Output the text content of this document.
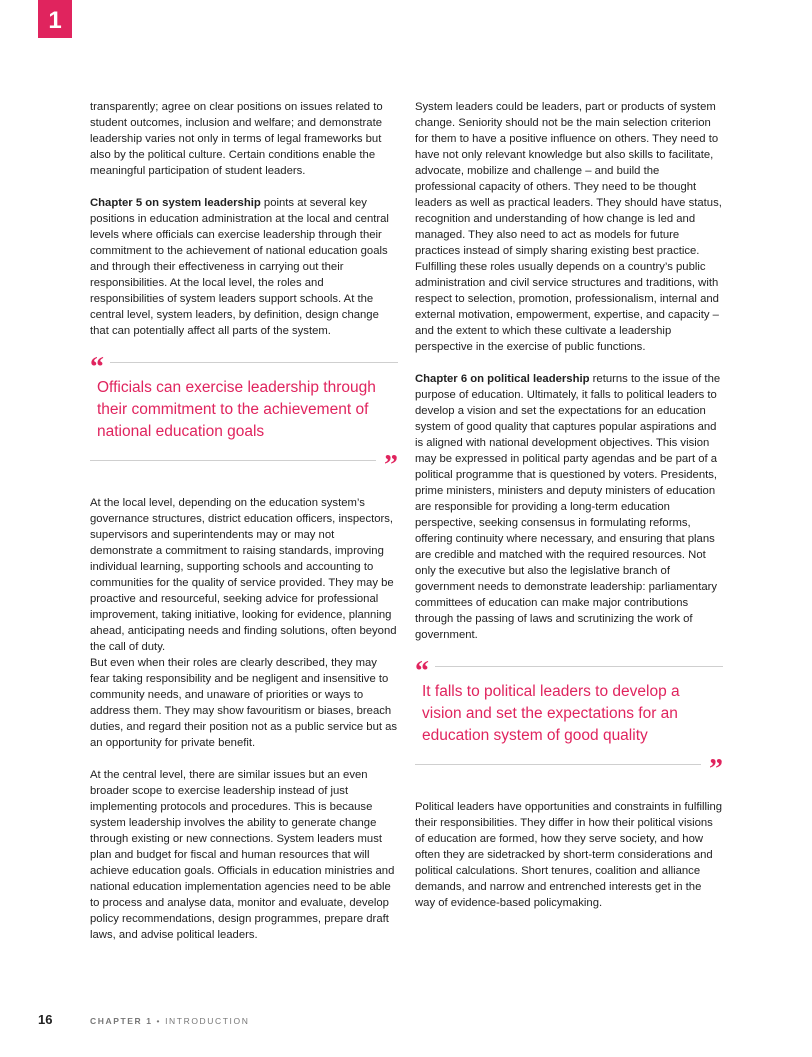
1

transparently; agree on clear positions on issues related to student outcomes, inclusion and welfare; and demonstrate leadership varies not only in terms of legal frameworks but also by the political culture. Certain conditions enable the meaningful participation of student leaders.

Chapter 5 on system leadership points at several key positions in education administration at the local and central levels where officials can exercise leadership through their commitment to the achievement of national education goals and through their effectiveness in carrying out their responsibilities. At the local level, the roles and responsibilities of system leaders support schools. At the central level, system leaders, by definition, design change that can potentially affect all parts of the system.

“
Officials can exercise leadership through their commitment to the achievement of national education goals
”

At the local level, depending on the education system’s governance structures, district education officers, inspectors, supervisors and superintendents may or may not demonstrate a commitment to raising standards, improving individual learning, supporting schools and accounting to communities for the quality of service provided. They may be proactive and resourceful, seeking advice for professional improvement, taking initiative, looking for evidence, planning ahead, anticipating needs and finding solutions, often beyond the call of duty.

But even when their roles are clearly described, they may fear taking responsibility and be negligent and insensitive to community needs, and unaware of priorities or ways to address them. They may show favouritism or biases, breach duties, and regard their position not as a public service but as an opportunity for private benefit.

At the central level, there are similar issues but an even broader scope to exercise leadership instead of just implementing protocols and procedures. This is because system leadership involves the ability to generate change through existing or new connections. System leaders must plan and budget for fiscal and human resources that will achieve education goals. Officials in education ministries and national education implementation agencies need to be able to process and analyse data, monitor and evaluate, develop policy recommendations, design programmes, prepare draft laws, and advise political leaders.

System leaders could be leaders, part or products of system change. Seniority should not be the main selection criterion for them to have a positive influence on others. They need to have not only relevant knowledge but also skills to facilitate, advocate, mobilize and challenge – and build the professional capacity of others. They need to be thought leaders as well as practical leaders. They should have status, recognition and understanding of how change is led and managed. They also need to act as models for future practices instead of simply sharing existing best practice. Fulfilling these roles usually depends on a country’s public administration and civil service structures and traditions, with respect to selection, promotion, professionalism, internal and external motivation, empowerment, expertise, and capacity – and the extent to which these cultivate a leadership perspective in the exercise of public functions.

Chapter 6 on political leadership returns to the issue of the purpose of education. Ultimately, it falls to political leaders to develop a vision and set the expectations for an education system of good quality that captures popular aspirations and is aligned with national development objectives. This vision may be expressed in political party agendas and be part of a political programme that is questioned by voters. Presidents, prime ministers, ministers and deputy ministers of education are responsible for providing a long-term education perspective, seeking consensus in formulating reforms, offering continuity where necessary, and ensuring that plans are credible and matched with the required resources. Not only the executive but also the legislative branch of government needs to demonstrate leadership: parliamentary committees of education can make major contributions through the passing of laws and scrutinizing the work of government.

“
It falls to political leaders to develop a vision and set the expectations for an education system of good quality
”

Political leaders have opportunities and constraints in fulfilling their responsibilities. They differ in how their political visions of education are formed, how they serve society, and how often they are sidetracked by short-term considerations and political calculations. Short tenures, coalition and alliance demands, and narrow and entrenched interests get in the way of evidence-based policymaking.

16	CHAPTER 1 • INTRODUCTION
